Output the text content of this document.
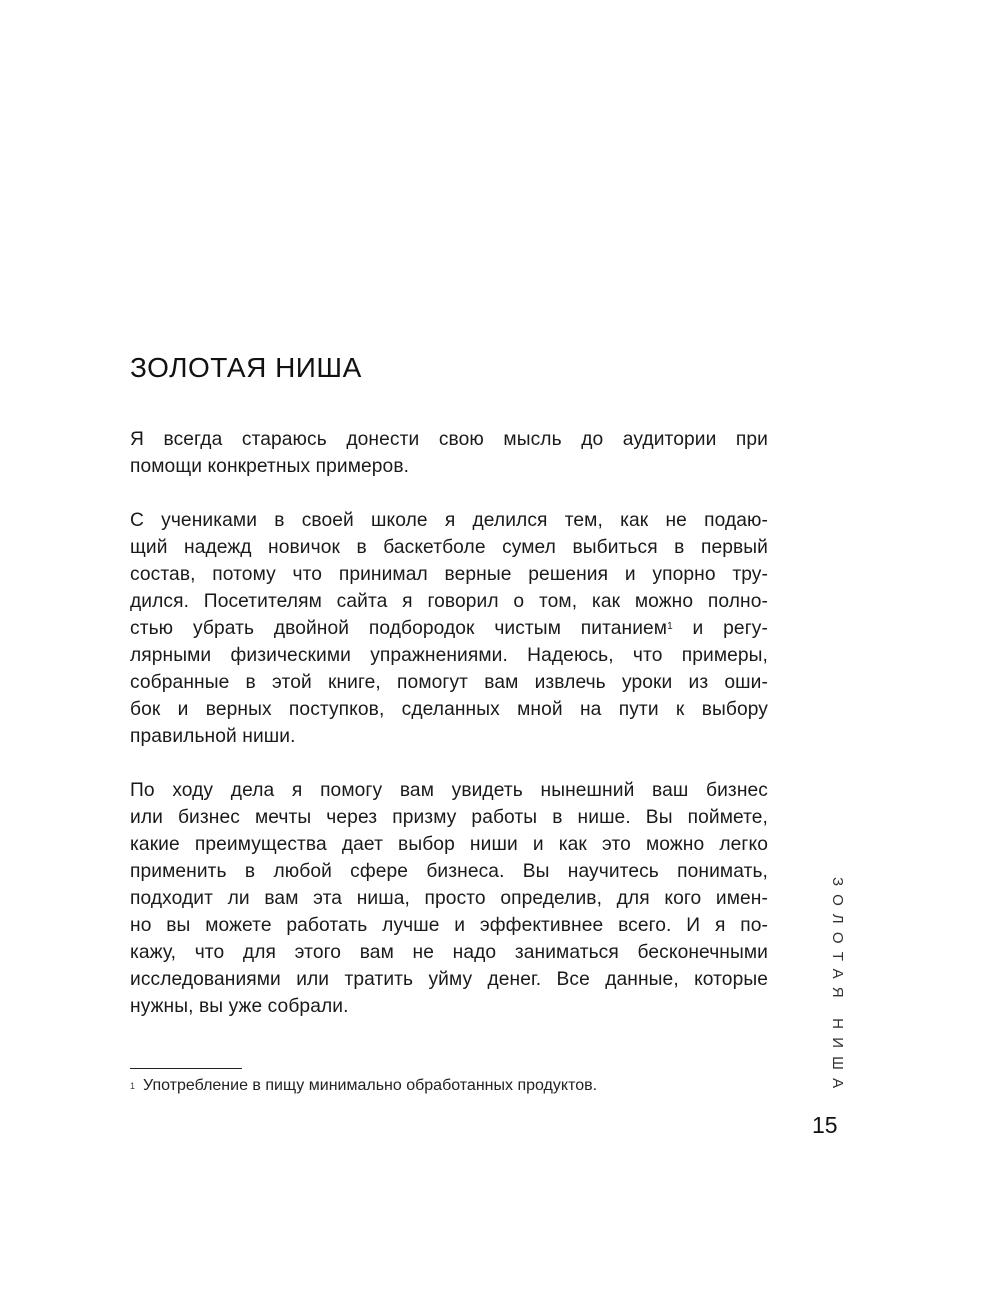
ЗОЛОТАЯ НИША

Я всегда стараюсь донести свою мысль до аудитории при
помощи конкретных примеров.

С учениками в своей школе я делился тем, как не подаю-
щий надежд новичок в баскетболе сумел выбиться в первый
состав, потому что принимал верные решения и упорно тру-
дился. Посетителям сайта я говорил о том, как можно полно-
стью убрать двойной подбородок чистым питанием$^1$ и регу-
лярными физическими упражнениями. Надеюсь, что примеры,
собранные в этой книге, помогут вам извлечь уроки из оши-
бок и верных поступков, сделанных мной на пути к выбору
правильной ниши.

По ходу дела я помогу вам увидеть нынешний ваш бизнес
или бизнес мечты через призму работы в нише. Вы поймете,
какие преимущества дает выбор ниши и как это можно легко
применить в любой сфере бизнеса. Вы научитесь понимать,
подходит ли вам эта ниша, просто определив, для кого имен-
но вы можете работать лучше и эффективнее всего. И я по-
кажу, что для этого вам не надо заниматься бесконечными
исследованиями или тратить уйму денег. Все данные, которые
нужны, вы уже собрали.

$^1$ Употребление в пищу минимально обработанных продуктов.	ЗОЛОТАЯ НИША
15
